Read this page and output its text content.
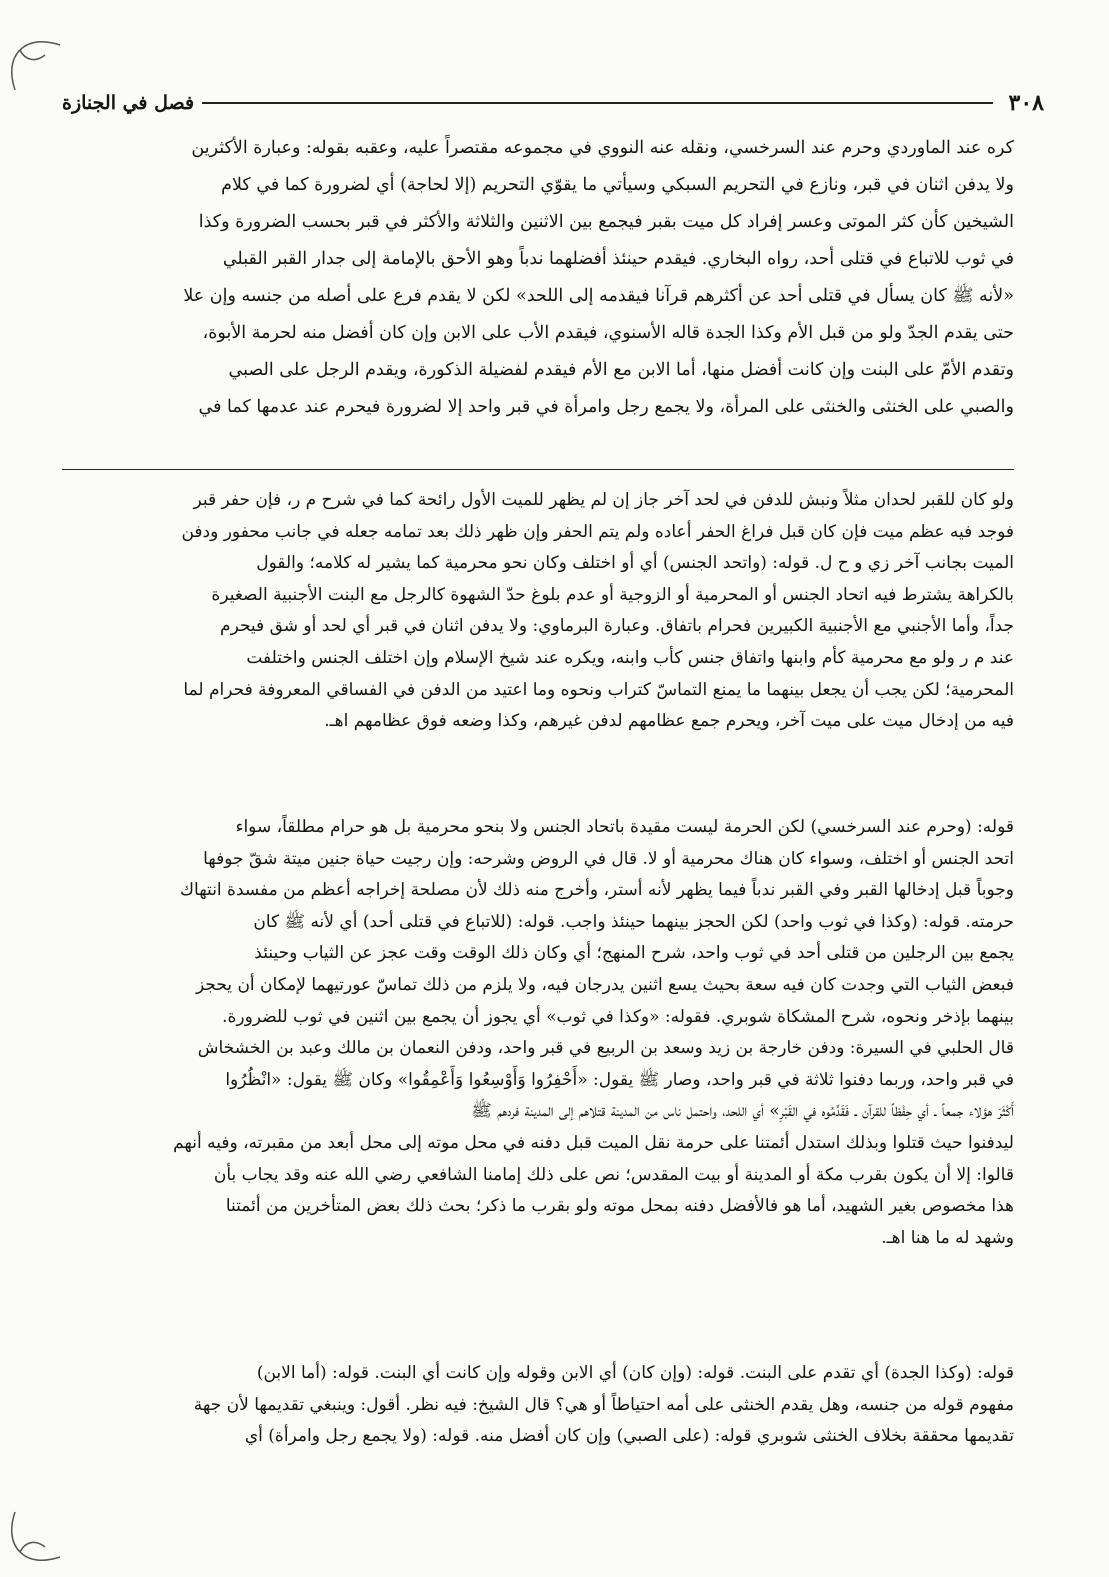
٣٠٨
فصل في الجنازة

كره عند الماوردي وحرم عند السرخسي، ونقله عنه النووي في مجموعه مقتصراً عليه، وعقبه بقوله: وعبارة الأكثرين

ولا يدفن اثنان في قبر، ونازع في التحريم السبكي وسيأتي ما يقوّي التحريم (إلا لحاجة) أي لضرورة كما في كلام

الشيخين كأن كثر الموتى وعسر إفراد كل ميت بقبر فيجمع بين الاثنين والثلاثة والأكثر في قبر بحسب الضرورة وكذا

في ثوب للاتباع في قتلى أحد، رواه البخاري. فيقدم حينئذ أفضلهما ندباً وهو الأحق بالإمامة إلى جدار القبر القبلي

«لأنه ﷺ كان يسأل في قتلى أحد عن أكثرهم قرآنا فيقدمه إلى اللحد» لكن لا يقدم فرع على أصله من جنسه وإن علا

حتى يقدم الجدّ ولو من قبل الأم وكذا الجدة قاله الأسنوي، فيقدم الأب على الابن وإن كان أفضل منه لحرمة الأبوة،

وتقدم الأمّ على البنت وإن كانت أفضل منها، أما الابن مع الأم فيقدم لفضيلة الذكورة، ويقدم الرجل على الصبي

والصبي على الخنثى والخنثى على المرأة، ولا يجمع رجل وامرأة في قبر واحد إلا لضرورة فيحرم عند عدمها كما في

ولو كان للقبر لحدان مثلاً ونبش للدفن في لحد آخر جاز إن لم يظهر للميت الأول رائحة كما في شرح م ر، فإن حفر قبر

فوجد فيه عظم ميت فإن كان قبل فراغ الحفر أعاده ولم يتم الحفر وإن ظهر ذلك بعد تمامه جعله في جانب محفور ودفن

الميت بجانب آخر زي و ح ل. قوله: (واتحد الجنس) أي أو اختلف وكان نحو محرمية كما يشير له كلامه؛ والقول

بالكراهة يشترط فيه اتحاد الجنس أو المحرمية أو الزوجية أو عدم بلوغ حدّ الشهوة كالرجل مع البنت الأجنبية الصغيرة

جداً، وأما الأجنبي مع الأجنبية الكبيرين فحرام باتفاق. وعبارة البرماوي: ولا يدفن اثنان في قبر أي لحد أو شق فيحرم

عند م ر ولو مع محرمية كأم وابنها واتفاق جنس كأب وابنه، ويكره عند شيخ الإسلام وإن اختلف الجنس واختلفت

المحرمية؛ لكن يجب أن يجعل بينهما ما يمنع التماسّ كتراب ونحوه وما اعتيد من الدفن في الفساقي المعروفة فحرام لما

فيه من إدخال ميت على ميت آخر، ويحرم جمع عظامهم لدفن غيرهم، وكذا وضعه فوق عظامهم اهـ.

قوله: (وحرم عند السرخسي) لكن الحرمة ليست مقيدة باتحاد الجنس ولا بنحو محرمية بل هو حرام مطلقاً، سواء

اتحد الجنس أو اختلف، وسواء كان هناك محرمية أو لا. قال في الروض وشرحه: وإن رجيت حياة جنين ميتة شقّ جوفها

وجوباً قبل إدخالها القبر وفي القبر ندباً فيما يظهر لأنه أستر، وأخرج منه ذلك لأن مصلحة إخراجه أعظم من مفسدة انتهاك

حرمته. قوله: (وكذا في ثوب واحد) لكن الحجز بينهما حينئذ واجب. قوله: (للاتباع في قتلى أحد) أي لأنه ﷺ كان

يجمع بين الرجلين من قتلى أحد في ثوب واحد، شرح المنهج؛ أي وكان ذلك الوقت وقت عجز عن الثياب وحينئذ

فبعض الثياب التي وجدت كان فيه سعة بحيث يسع اثنين يدرجان فيه، ولا يلزم من ذلك تماسّ عورتيهما لإمكان أن يحجز

بينهما بإذخر ونحوه، شرح المشكاة شوبري. فقوله: «وكذا في ثوب» أي يجوز أن يجمع بين اثنين في ثوب للضرورة.

قال الحلبي في السيرة: ودفن خارجة بن زيد وسعد بن الربيع في قبر واحد، ودفن النعمان بن مالك وعبد بن الخشخاش

في قبر واحد، وربما دفنوا ثلاثة في قبر واحد، وصار ﷺ يقول: «أَحْفِرُوا وَأَوْسِعُوا وَأَعْمِقُوا» وكان ﷺ يقول: «انْظُرُوا

أَكْثَرَ هؤلاء جمعاً ـ أي حِفْظاً للقرآن ـ فَقَدِّمُوه في القَبْرِ» أي اللحد، واحتمل ناس من المدينة قتلاهم إلى المدينة فردهم ﷺ

ليدفنوا حيث قتلوا وبذلك استدل أئمتنا على حرمة نقل الميت قبل دفنه في محل موته إلى محل أبعد من مقبرته، وفيه أنهم

قالوا: إلا أن يكون بقرب مكة أو المدينة أو بيت المقدس؛ نص على ذلك إمامنا الشافعي رضي الله عنه وقد يجاب بأن

هذا مخصوص بغير الشهيد، أما هو فالأفضل دفنه بمحل موته ولو بقرب ما ذكر؛ بحث ذلك بعض المتأخرين من أئمتنا

وشهد له ما هنا اهـ.

قوله: (وكذا الجدة) أي تقدم على البنت. قوله: (وإن كان) أي الابن وقوله وإن كانت أي البنت. قوله: (أما الابن)

مفهوم قوله من جنسه، وهل يقدم الخنثى على أمه احتياطاً أو هي؟ قال الشيخ: فيه نظر. أقول: وينبغي تقديمها لأن جهة

تقديمها محققة بخلاف الخنثى شوبري قوله: (على الصبي) وإن كان أفضل منه. قوله: (ولا يجمع رجل وامرأة) أي
